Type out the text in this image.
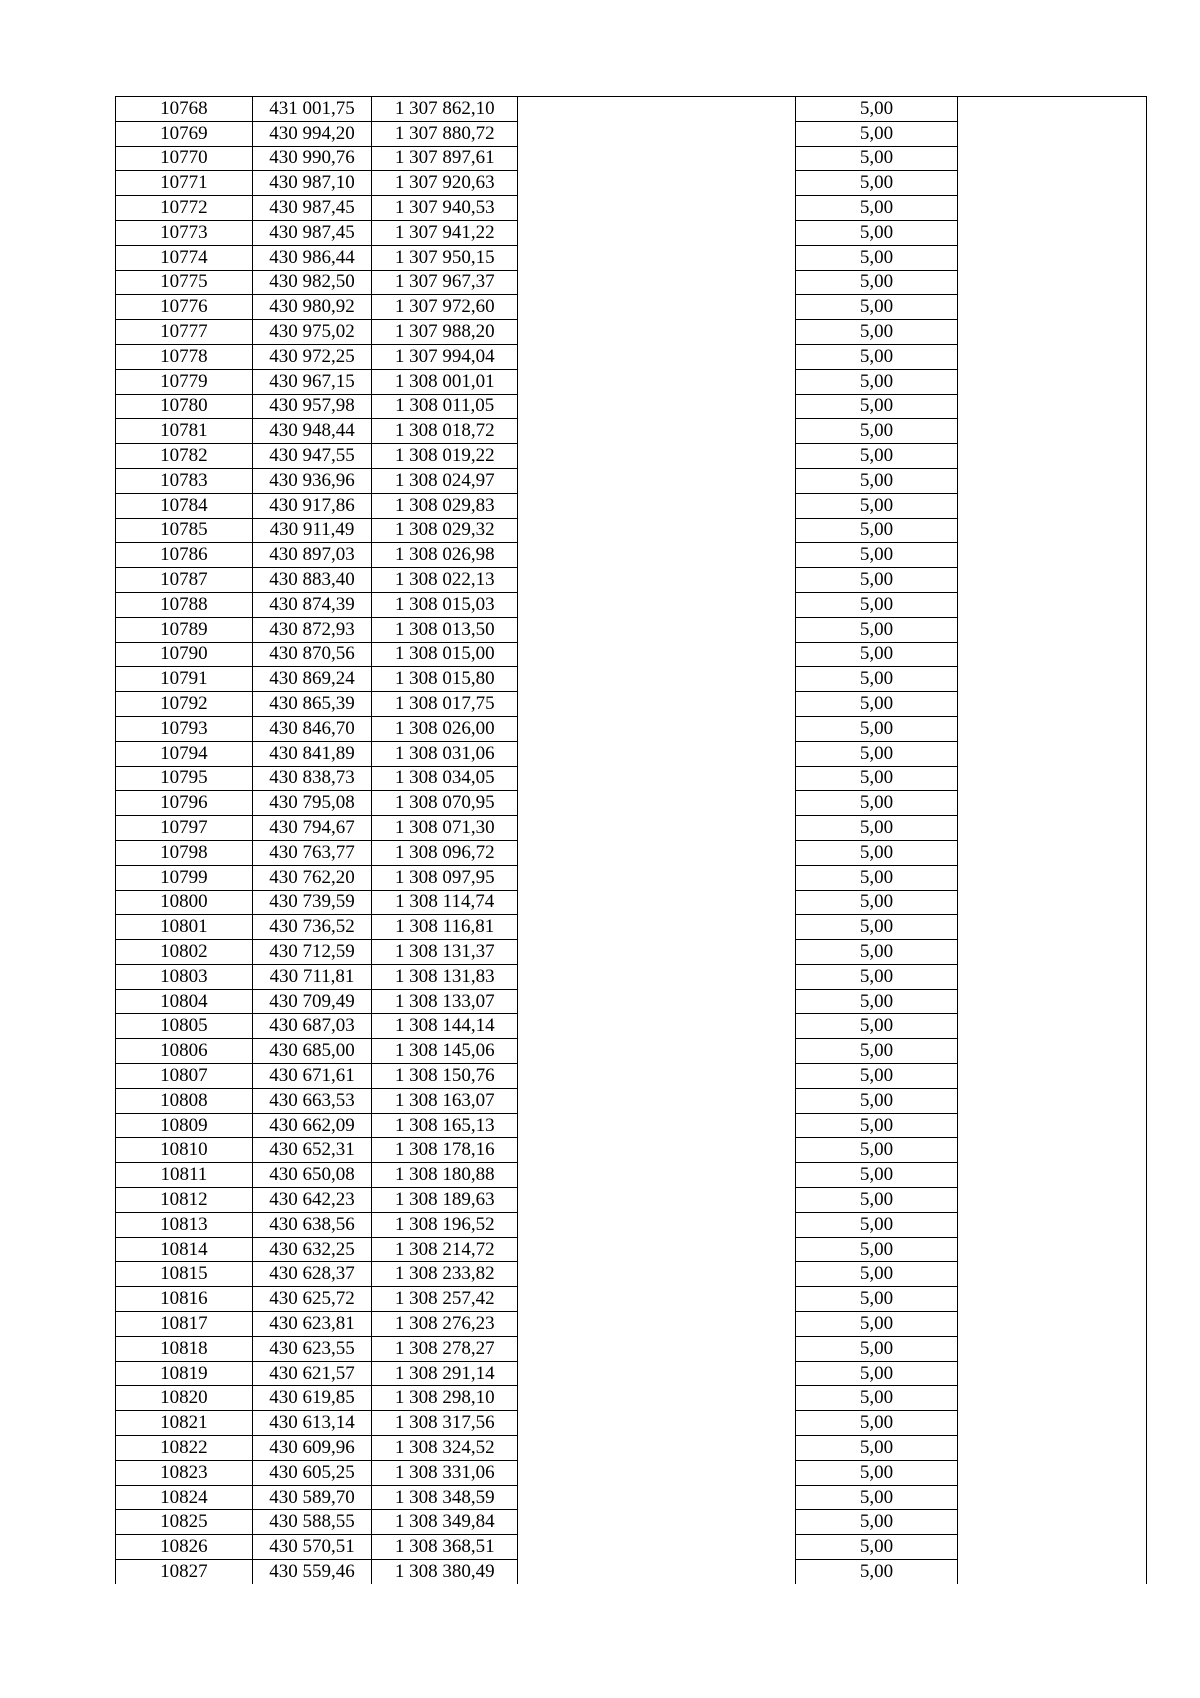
10768	431 001,75	1 307 862,10		5,00	
10769	430 994,20	1 307 880,72		5,00	
10770	430 990,76	1 307 897,61		5,00	
10771	430 987,10	1 307 920,63		5,00	
10772	430 987,45	1 307 940,53		5,00	
10773	430 987,45	1 307 941,22		5,00	
10774	430 986,44	1 307 950,15		5,00	
10775	430 982,50	1 307 967,37		5,00	
10776	430 980,92	1 307 972,60		5,00	
10777	430 975,02	1 307 988,20		5,00	
10778	430 972,25	1 307 994,04		5,00	
10779	430 967,15	1 308 001,01		5,00	
10780	430 957,98	1 308 011,05		5,00	
10781	430 948,44	1 308 018,72		5,00	
10782	430 947,55	1 308 019,22		5,00	
10783	430 936,96	1 308 024,97		5,00	
10784	430 917,86	1 308 029,83		5,00	
10785	430 911,49	1 308 029,32		5,00	
10786	430 897,03	1 308 026,98		5,00	
10787	430 883,40	1 308 022,13		5,00	
10788	430 874,39	1 308 015,03		5,00	
10789	430 872,93	1 308 013,50		5,00	
10790	430 870,56	1 308 015,00		5,00	
10791	430 869,24	1 308 015,80		5,00	
10792	430 865,39	1 308 017,75		5,00	
10793	430 846,70	1 308 026,00		5,00	
10794	430 841,89	1 308 031,06		5,00	
10795	430 838,73	1 308 034,05		5,00	
10796	430 795,08	1 308 070,95		5,00	
10797	430 794,67	1 308 071,30		5,00	
10798	430 763,77	1 308 096,72		5,00	
10799	430 762,20	1 308 097,95		5,00	
10800	430 739,59	1 308 114,74		5,00	
10801	430 736,52	1 308 116,81		5,00	
10802	430 712,59	1 308 131,37		5,00	
10803	430 711,81	1 308 131,83		5,00	
10804	430 709,49	1 308 133,07		5,00	
10805	430 687,03	1 308 144,14		5,00	
10806	430 685,00	1 308 145,06		5,00	
10807	430 671,61	1 308 150,76		5,00	
10808	430 663,53	1 308 163,07		5,00	
10809	430 662,09	1 308 165,13		5,00	
10810	430 652,31	1 308 178,16		5,00	
10811	430 650,08	1 308 180,88		5,00	
10812	430 642,23	1 308 189,63		5,00	
10813	430 638,56	1 308 196,52		5,00	
10814	430 632,25	1 308 214,72		5,00	
10815	430 628,37	1 308 233,82		5,00	
10816	430 625,72	1 308 257,42		5,00	
10817	430 623,81	1 308 276,23		5,00	
10818	430 623,55	1 308 278,27		5,00	
10819	430 621,57	1 308 291,14		5,00	
10820	430 619,85	1 308 298,10		5,00	
10821	430 613,14	1 308 317,56		5,00	
10822	430 609,96	1 308 324,52		5,00	
10823	430 605,25	1 308 331,06		5,00	
10824	430 589,70	1 308 348,59		5,00	
10825	430 588,55	1 308 349,84		5,00	
10826	430 570,51	1 308 368,51		5,00	
10827	430 559,46	1 308 380,49		5,00	
